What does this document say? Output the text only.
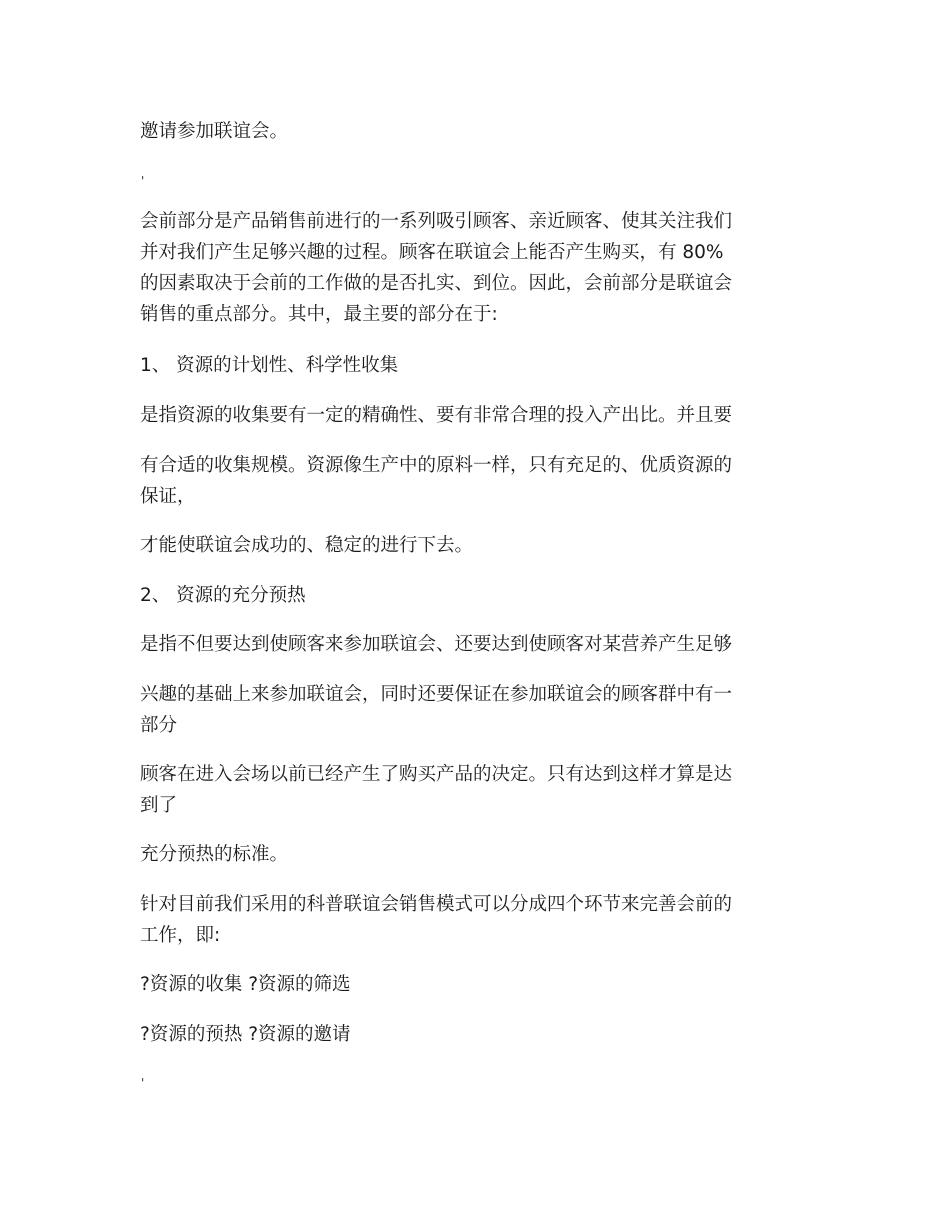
邀请参加联谊会。

'

会前部分是产品销售前进行的一系列吸引顾客、亲近顾客、使其关注我们
并对我们产生足够兴趣的过程。顾客在联谊会上能否产生购买，有 80%
的因素取决于会前的工作做的是否扎实、到位。因此，会前部分是联谊会
销售的重点部分。其中，最主要的部分在于:

1、 资源的计划性、科学性收集

是指资源的收集要有一定的精确性、要有非常合理的投入产出比。并且要

有合适的收集规模。资源像生产中的原料一样，只有充足的、优质资源的
保证，

才能使联谊会成功的、稳定的进行下去。

2、 资源的充分预热

是指不但要达到使顾客来参加联谊会、还要达到使顾客对某营养产生足够

兴趣的基础上来参加联谊会，同时还要保证在参加联谊会的顾客群中有一
部分

顾客在进入会场以前已经产生了购买产品的决定。只有达到这样才算是达
到了

充分预热的标准。

针对目前我们采用的科普联谊会销售模式可以分成四个环节来完善会前的
工作，即:

?资源的收集 ?资源的筛选

?资源的预热 ?资源的邀请

'
